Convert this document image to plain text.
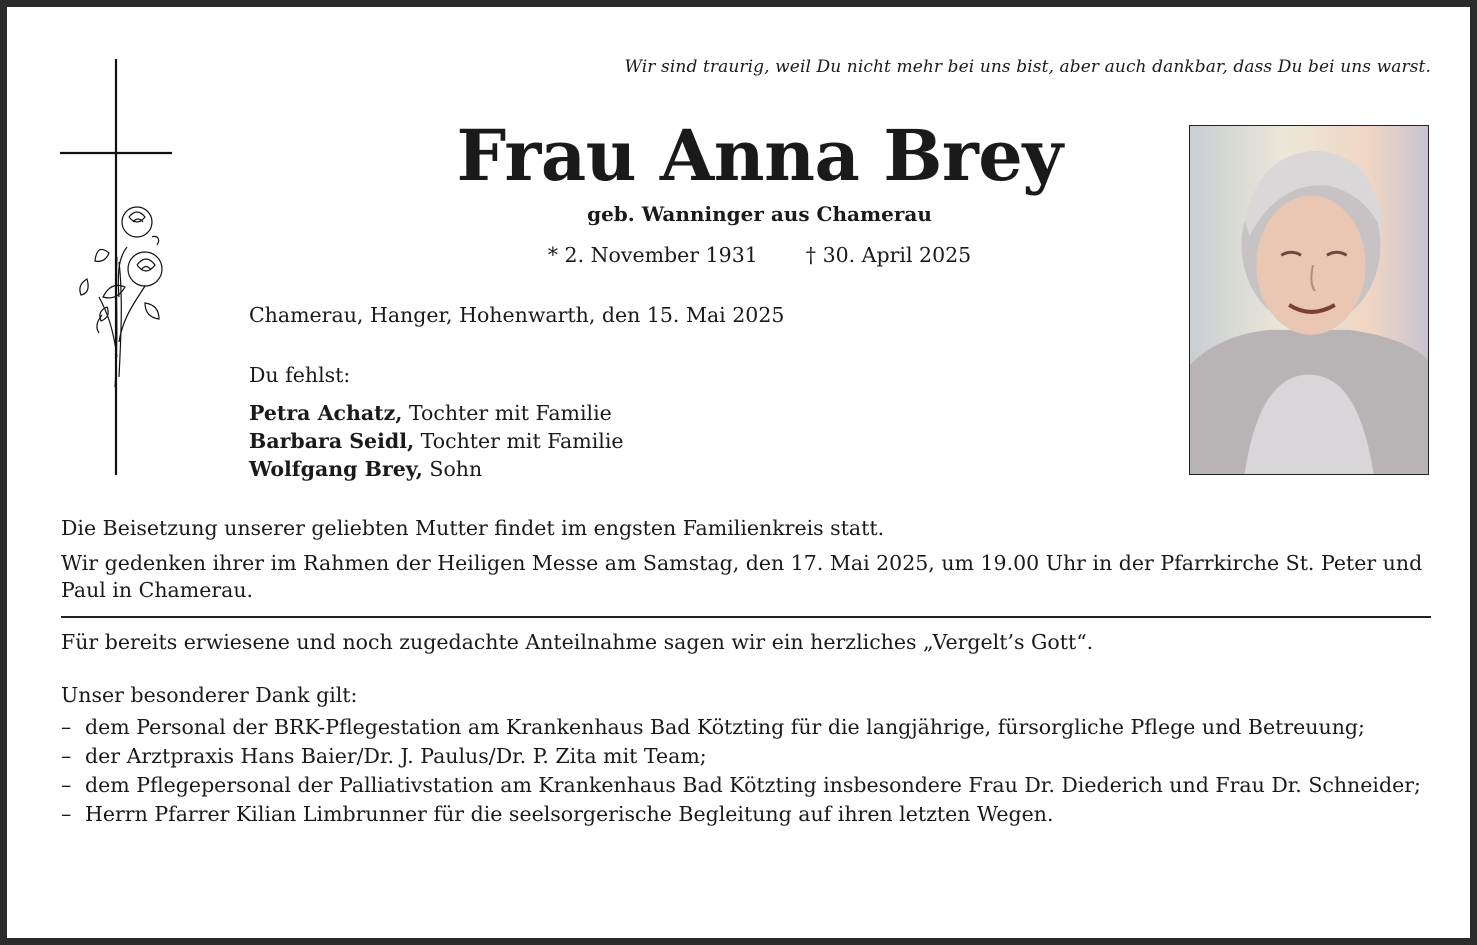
Wir sind traurig, weil Du nicht mehr bei uns bist, aber auch dankbar, dass Du bei uns warst.
Frau Anna Brey
geb. Wanninger aus Chamerau
* 2. November 1931 † 30. April 2025
Chamerau, Hanger, Hohenwarth, den 15. Mai 2025
Du fehlst:
Petra Achatz, Tochter mit Familie
Barbara Seidl, Tochter mit Familie
Wolfgang Brey, Sohn
Die Beisetzung unserer geliebten Mutter findet im engsten Familienkreis statt.
Wir gedenken ihrer im Rahmen der Heiligen Messe am Samstag, den 17. Mai 2025, um 19.00 Uhr in der Pfarrkirche St. Peter und Paul in Chamerau.
Für bereits erwiesene und noch zugedachte Anteilnahme sagen wir ein herzliches „Vergelt’s Gott“.
Unser besonderer Dank gilt:
– dem Personal der BRK-Pflegestation am Krankenhaus Bad Kötzting für die langjährige, fürsorgliche Pflege und Betreuung;
– der Arztpraxis Hans Baier/Dr. J. Paulus/Dr. P. Zita mit Team;
– dem Pflegepersonal der Palliativstation am Krankenhaus Bad Kötzting insbesondere Frau Dr. Diederich und Frau Dr. Schneider;
– Herrn Pfarrer Kilian Limbrunner für die seelsorgerische Begleitung auf ihren letzten Wegen.
